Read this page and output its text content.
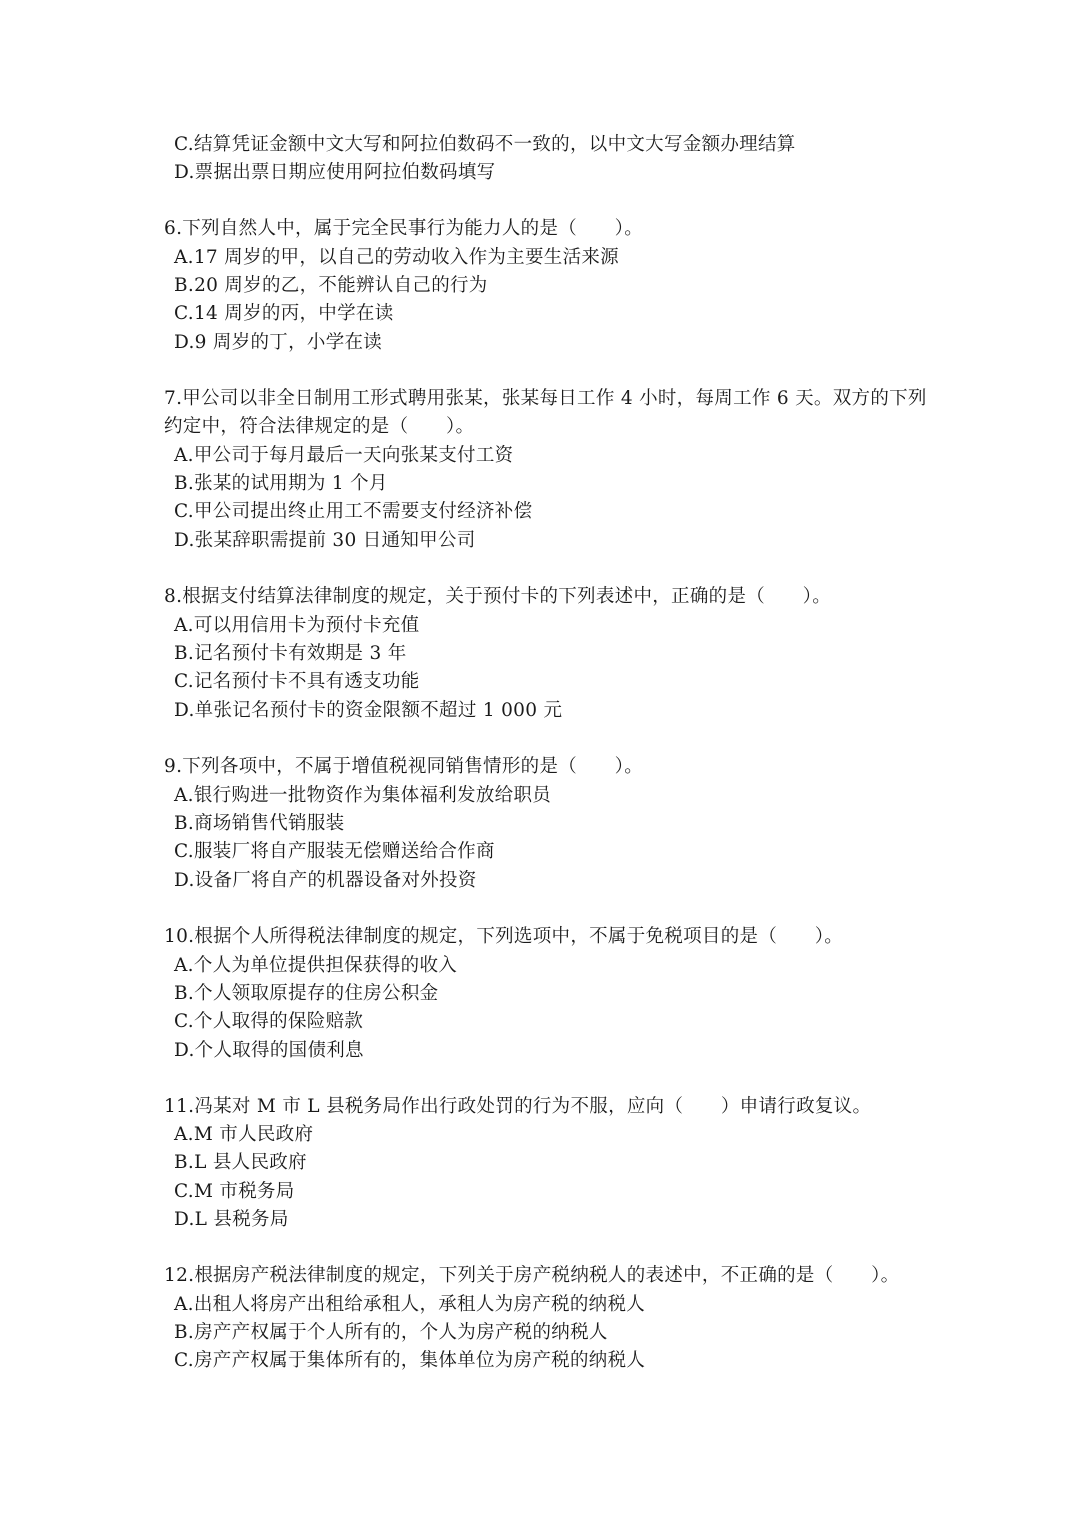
C.结算凭证金额中文大写和阿拉伯数码不一致的，以中文大写金额办理结算
D.票据出票日期应使用阿拉伯数码填写
6.下列自然人中，属于完全民事行为能力人的是（　　）。
A.17 周岁的甲，以自己的劳动收入作为主要生活来源
B.20 周岁的乙，不能辨认自己的行为
C.14 周岁的丙，中学在读
D.9 周岁的丁，小学在读
7.甲公司以非全日制用工形式聘用张某，张某每日工作 4 小时，每周工作 6 天。双方的下列
约定中，符合法律规定的是（　　）。
A.甲公司于每月最后一天向张某支付工资
B.张某的试用期为 1 个月
C.甲公司提出终止用工不需要支付经济补偿
D.张某辞职需提前 30 日通知甲公司
8.根据支付结算法律制度的规定，关于预付卡的下列表述中，正确的是（　　）。
A.可以用信用卡为预付卡充值
B.记名预付卡有效期是 3 年
C.记名预付卡不具有透支功能
D.单张记名预付卡的资金限额不超过 1 000 元
9.下列各项中，不属于增值税视同销售情形的是（　　）。
A.银行购进一批物资作为集体福利发放给职员
B.商场销售代销服装
C.服装厂将自产服装无偿赠送给合作商
D.设备厂将自产的机器设备对外投资
10.根据个人所得税法律制度的规定，下列选项中，不属于免税项目的是（　　）。
A.个人为单位提供担保获得的收入
B.个人领取原提存的住房公积金
C.个人取得的保险赔款
D.个人取得的国债利息
11.冯某对 M 市 L 县税务局作出行政处罚的行为不服，应向（　　）申请行政复议。
A.M 市人民政府
B.L 县人民政府
C.M 市税务局
D.L 县税务局
12.根据房产税法律制度的规定，下列关于房产税纳税人的表述中，不正确的是（　　）。
A.出租人将房产出租给承租人，承租人为房产税的纳税人
B.房产产权属于个人所有的，个人为房产税的纳税人
C.房产产权属于集体所有的，集体单位为房产税的纳税人
